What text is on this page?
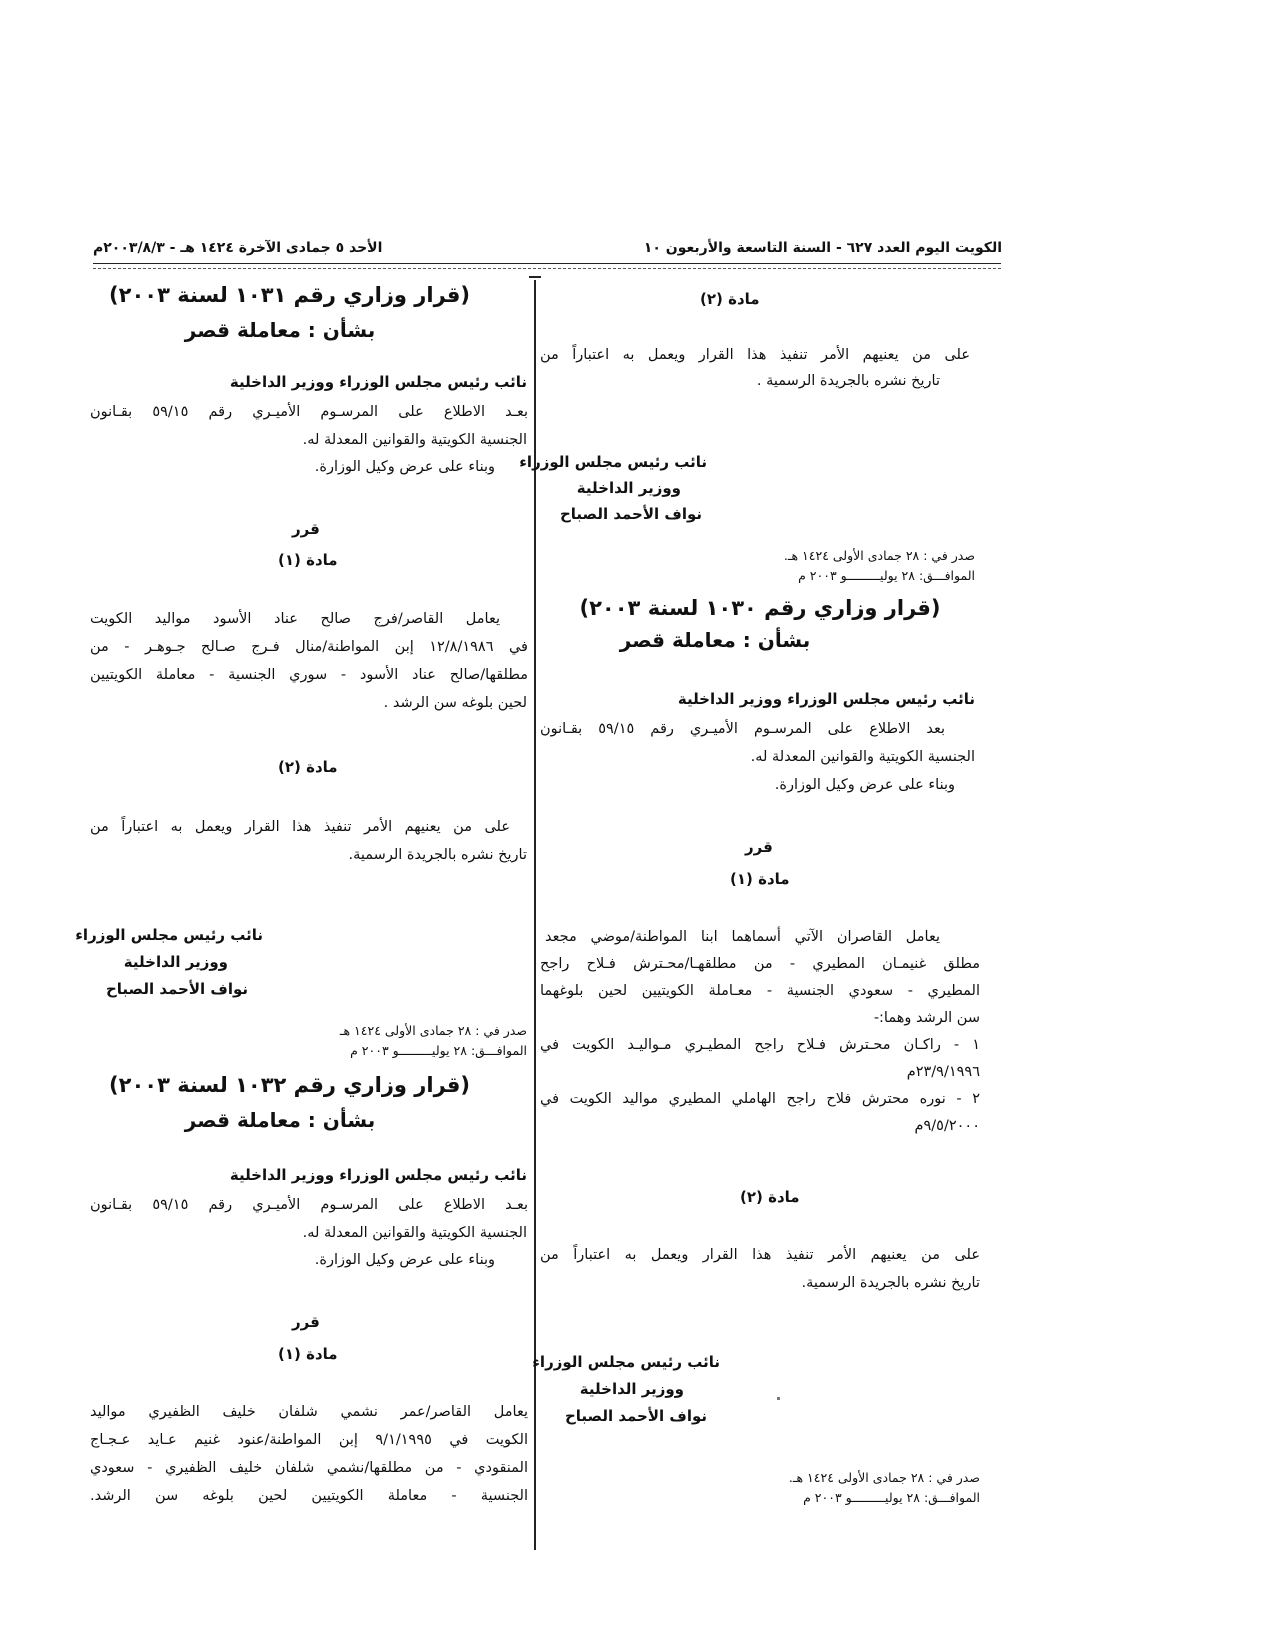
الكويت اليوم العدد ٦٢٧ - السنة التاسعة والأربعون ١٠
الأحد ٥ جمادى الآخرة ١٤٢٤ هـ - ٢٠٠٣/٨/٣م
مادة (٢)
على من يعنيهم الأمر تنفيذ هذا القرار ويعمل به اعتباراً من
تاريخ نشره بالجريدة الرسمية .
نائب رئيس مجلس الوزراء
ووزير الداخلية
نواف الأحمد الصباح
صدر في : ٢٨ جمادى الأولى ١٤٢٤ هـ.
الموافـــق: ٢٨ يوليـــــــــو ٢٠٠٣ م
(قرار وزاري رقم ١٠٣٠ لسنة ٢٠٠٣)
بشأن : معاملة قصر
نائب رئيس مجلس الوزراء ووزير الداخلية
بعد الاطلاع على المرسـوم الأميـري رقم ٥٩/١٥ بقـانون
الجنسية الكويتية والقوانين المعدلة له.
وبناء على عرض وكيل الوزارة.
قرر
مادة (١)
يعامل القاصران الآتي أسماهما ابنا المواطنة/موضي مجعد
مطلق غنيمـان المطيري - من مطلقهـا/محـترش فـلاح راجح
المطيري - سعودي الجنسية - معـاملة الكويتيين لحين بلوغهما
سن الرشد وهما:-
١ - راكـان محـترش فـلاح راجح المطيـري مـواليـد الكويت في
٢٣/٩/١٩٩٦م
٢ - نوره محترش فلاح راجح الهاملي المطيري مواليد الكويت في
٩/٥/٢٠٠٠م
مادة (٢)
على من يعنيهم الأمر تنفيذ هذا القرار ويعمل به اعتباراً من
تاريخ نشره بالجريدة الرسمية.
نائب رئيس مجلس الوزراء
ووزير الداخلية
نواف الأحمد الصباح
صدر في : ٢٨ جمادى الأولى ١٤٢٤ هـ.
الموافـــق: ٢٨ يوليـــــــــو ٢٠٠٣ م
(قرار وزاري رقم ١٠٣١ لسنة ٢٠٠٣)
بشأن : معاملة قصر
نائب رئيس مجلس الوزراء ووزير الداخلية
بعـد الاطلاع على المرسـوم الأميـري رقم ٥٩/١٥ بقـانون
الجنسية الكويتية والقوانين المعدلة له.
وبناء على عرض وكيل الوزارة.
قرر
مادة (١)
يعامل القاصر/فرج صالح عناد الأسود مواليد الكويت
في ١٢/٨/١٩٨٦ إبن المواطنة/منال فـرج صـالح جـوهـر - من
مطلقها/صالح عناد الأسود - سوري الجنسية - معاملة الكويتيين
لحين بلوغه سن الرشد .
مادة (٢)
على من يعنيهم الأمر تنفيذ هذا القرار ويعمل به اعتباراً من
تاريخ نشره بالجريدة الرسمية.
نائب رئيس مجلس الوزراء
ووزير الداخلية
نواف الأحمد الصباح
صدر في : ٢٨ جمادى الأولى ١٤٢٤ هـ
الموافـــق: ٢٨ يوليـــــــــو ٢٠٠٣ م
(قرار وزاري رقم ١٠٣٢ لسنة ٢٠٠٣)
بشأن : معاملة قصر
نائب رئيس مجلس الوزراء ووزير الداخلية
بعـد الاطلاع على المرسـوم الأميـري رقم ٥٩/١٥ بقـانون
الجنسية الكويتية والقوانين المعدلة له.
وبناء على عرض وكيل الوزارة.
قرر
مادة (١)
يعامل القاصر/عمر نشمي شلفان خليف الظفيري مواليد
الكويت في ٩/١/١٩٩٥ إبن المواطنة/عنود غنيم عـايد عـجـاج
المنقودي - من مطلقها/نشمي شلفان خليف الظفيري - سعودي
الجنسية - معاملة الكويتيين لحين بلوغه سن الرشد.
